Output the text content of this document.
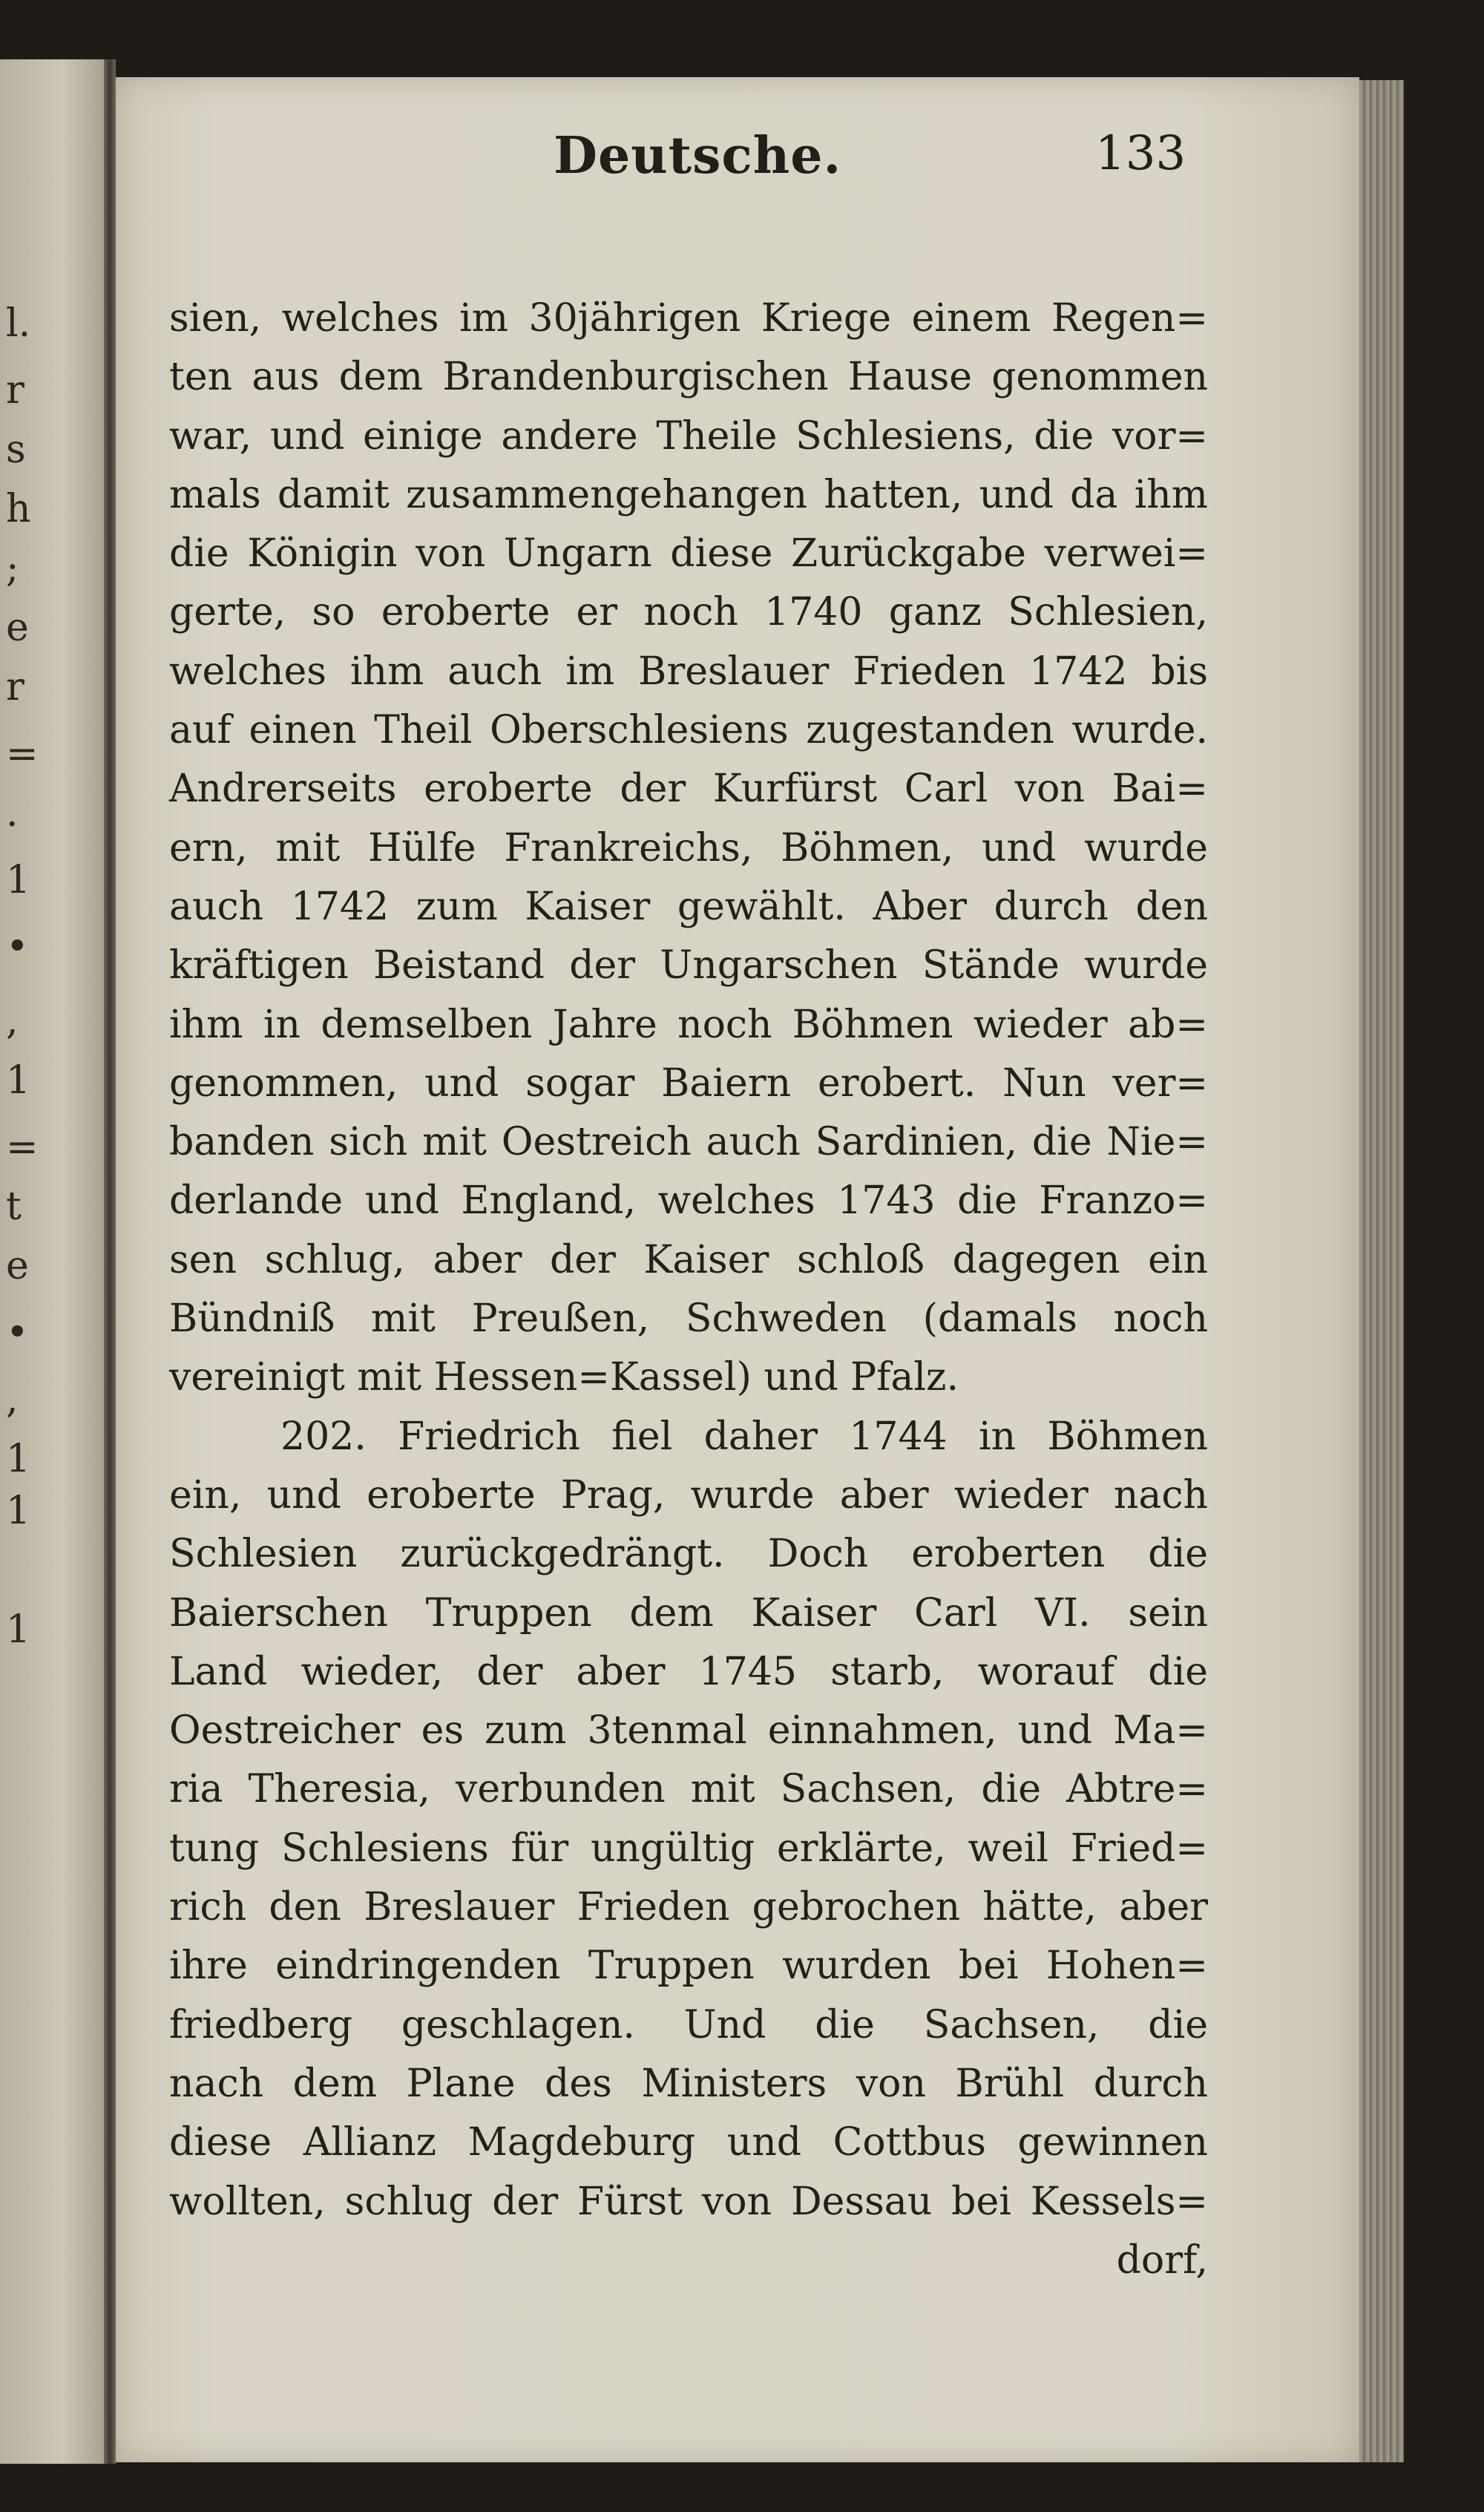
l.
r
s
h
;
e
r
=
.
1
•
,
1
=
t
e
•
,
1
1
1
Deutsche.	133
sien, welches im 30jährigen Kriege einem Regen=
ten aus dem Brandenburgischen Hause genommen
war, und einige andere Theile Schlesiens, die vor=
mals damit zusammengehangen hatten, und da ihm
die Königin von Ungarn diese Zurückgabe verwei=
gerte, so eroberte er noch 1740 ganz Schlesien,
welches ihm auch im Breslauer Frieden 1742 bis
auf einen Theil Oberschlesiens zugestanden wurde.
Andrerseits eroberte der Kurfürst Carl von Bai=
ern, mit Hülfe Frankreichs, Böhmen, und wurde
auch 1742 zum Kaiser gewählt. Aber durch den
kräftigen Beistand der Ungarschen Stände wurde
ihm in demselben Jahre noch Böhmen wieder ab=
genommen, und sogar Baiern erobert. Nun ver=
banden sich mit Oestreich auch Sardinien, die Nie=
derlande und England, welches 1743 die Franzo=
sen schlug, aber der Kaiser schloß dagegen ein
Bündniß mit Preußen, Schweden (damals noch
vereinigt mit Hessen=Kassel) und Pfalz.
202. Friedrich fiel daher 1744 in Böhmen
ein, und eroberte Prag, wurde aber wieder nach
Schlesien zurückgedrängt. Doch eroberten die
Baierschen Truppen dem Kaiser Carl VI. sein
Land wieder, der aber 1745 starb, worauf die
Oestreicher es zum 3tenmal einnahmen, und Ma=
ria Theresia, verbunden mit Sachsen, die Abtre=
tung Schlesiens für ungültig erklärte, weil Fried=
rich den Breslauer Frieden gebrochen hätte, aber
ihre eindringenden Truppen wurden bei Hohen=
friedberg geschlagen. Und die Sachsen, die
nach dem Plane des Ministers von Brühl durch
diese Allianz Magdeburg und Cottbus gewinnen
wollten, schlug der Fürst von Dessau bei Kessels=
dorf,
